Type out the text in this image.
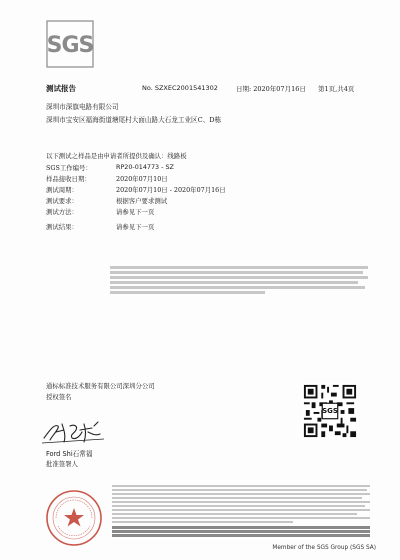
SGS
测试报告	No. SZXEC2001541302	日期: 2020年07月16日 第1页,共4页
深圳市深旗电路有限公司
深圳市宝安区福海街道塘尾村大面山路大石龙工业区C、D栋
以下测试之样品是由申请者所提供及确认：线路板
SGS工作编号：	RP20-014773 - SZ
样品接收日期：	2020年07月10日
测试周期：	2020年07月10日 - 2020年07月16日
测试要求：	根据客户要求测试
测试方法：	请参见下一页
测试结果：	请参见下一页
通标标准技术服务有限公司深圳分公司
授权签名
SGS
Ford Shi石常福
批准签署人
Member of the SGS Group (SGS SA)
